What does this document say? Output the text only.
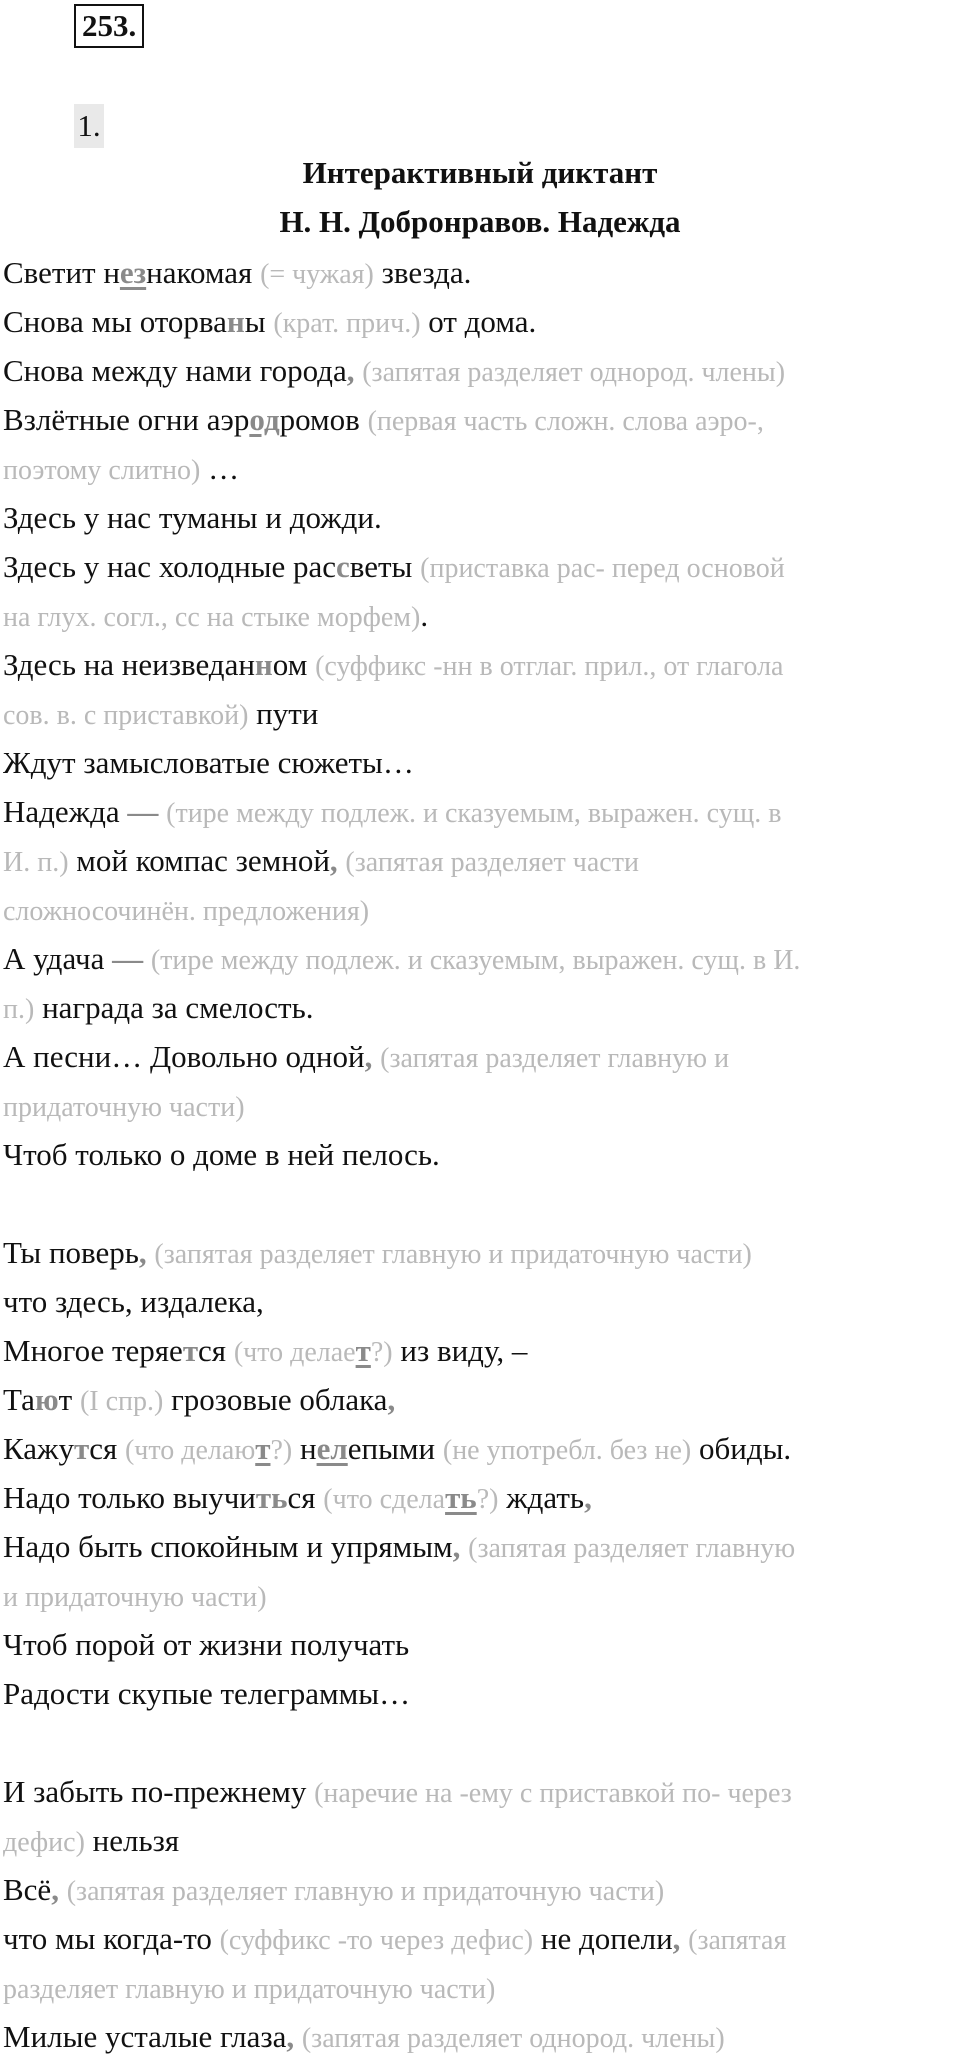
253.
1.
Интерактивный диктант
Н. Н. Добронравов. Надежда
Светит незнакомая (= чужая) звезда.
Снова мы оторваны (крат. прич.) от дома.
Снова между нами города, (запятая разделяет однород. члены)
Взлётные огни аэродромов (первая часть сложн. слова аэро-,
поэтому слитно) …
Здесь у нас туманы и дожди.
Здесь у нас холодные рассветы (приставка рас- перед основой
на глух. согл., сс на стыке морфем).
Здесь на неизведанном (суффикс -нн в отглаг. прил., от глагола
сов. в. с приставкой) пути
Ждут замысловатые сюжеты…
Надежда — (тире между подлеж. и сказуемым, выражен. сущ. в
И. п.) мой компас земной, (запятая разделяет части
сложносочинён. предложения)
А удача — (тире между подлеж. и сказуемым, выражен. сущ. в И.
п.) награда за смелость.
А песни… Довольно одной, (запятая разделяет главную и
придаточную части)
Чтоб только о доме в ней пелось.
Ты поверь, (запятая разделяет главную и придаточную части)
что здесь, издалека,
Многое теряется (что делает?) из виду, –
Тают (I спр.) грозовые облака,
Кажутся (что делают?) нелепыми (не употребл. без не) обиды.
Надо только выучиться (что сделать?) ждать,
Надо быть спокойным и упрямым, (запятая разделяет главную
и придаточную части)
Чтоб порой от жизни получать
Радости скупые телеграммы…
И забыть по-прежнему (наречие на -ему с приставкой по- через
дефис) нельзя
Всё, (запятая разделяет главную и придаточную части)
что мы когда-то (суффикс -то через дефис) не допели, (запятая
разделяет главную и придаточную части)
Милые усталые глаза, (запятая разделяет однород. члены)
